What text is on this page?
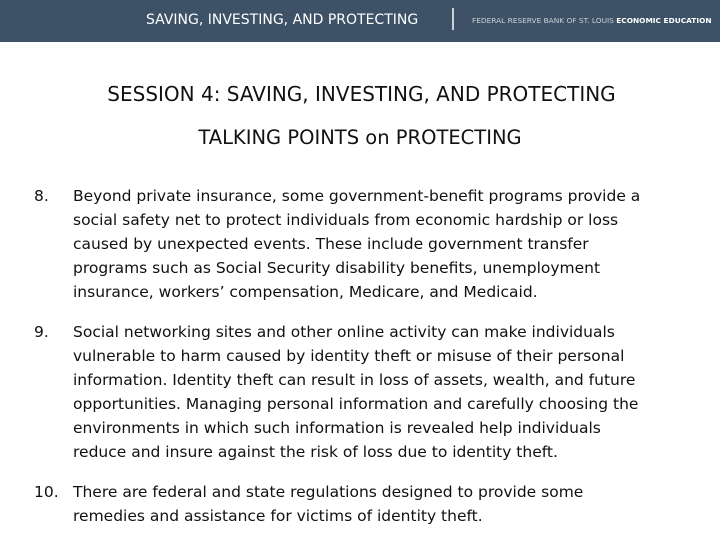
SAVING, INVESTING, AND PROTECTING	FEDERAL RESERVE BANK OF ST. LOUIS ECONOMIC EDUCATION
SESSION 4: SAVING, INVESTING, AND PROTECTING
TALKING POINTS on PROTECTING
8. Beyond private insurance, some government-benefit programs provide a
social safety net to protect individuals from economic hardship or loss
caused by unexpected events. These include government transfer
programs such as Social Security disability benefits, unemployment
insurance, workers’ compensation, Medicare, and Medicaid.
9. Social networking sites and other online activity can make individuals
vulnerable to harm caused by identity theft or misuse of their personal
information. Identity theft can result in loss of assets, wealth, and future
opportunities. Managing personal information and carefully choosing the
environments in which such information is revealed help individuals
reduce and insure against the risk of loss due to identity theft.
10. There are federal and state regulations designed to provide some
remedies and assistance for victims of identity theft.
